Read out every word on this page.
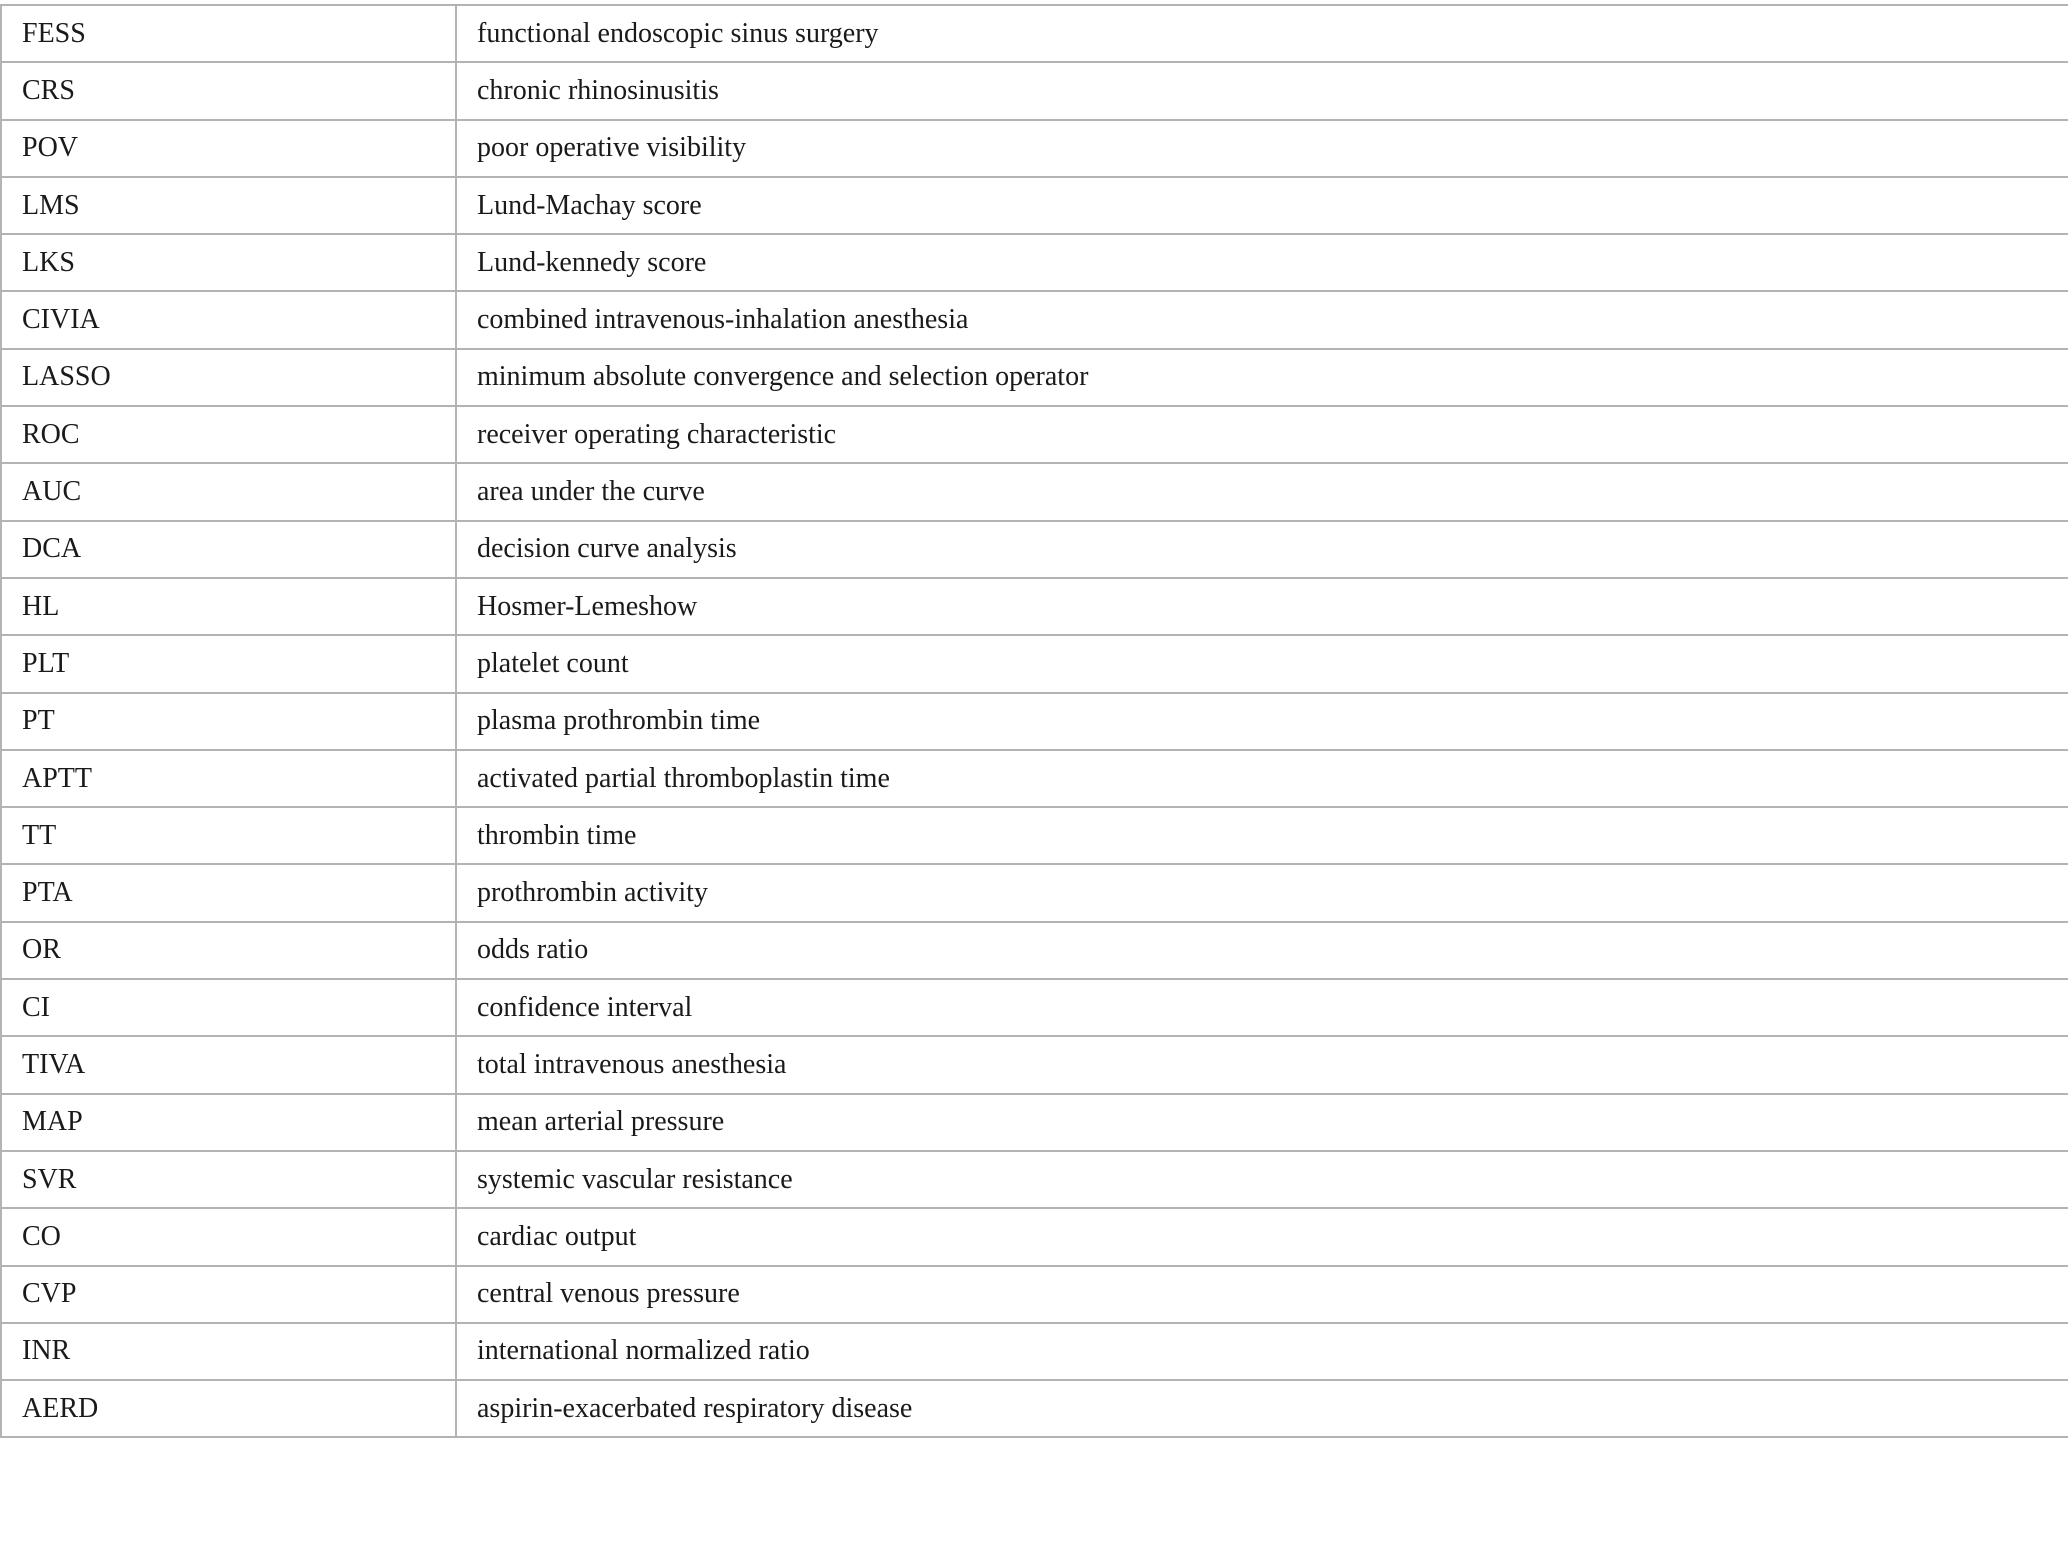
FESS	functional endoscopic sinus surgery
CRS	chronic rhinosinusitis
POV	poor operative visibility
LMS	Lund-Machay score
LKS	Lund-kennedy score
CIVIA	combined intravenous-inhalation anesthesia
LASSO	minimum absolute convergence and selection operator
ROC	receiver operating characteristic
AUC	area under the curve
DCA	decision curve analysis
HL	Hosmer-Lemeshow
PLT	platelet count
PT	plasma prothrombin time
APTT	activated partial thromboplastin time
TT	thrombin time
PTA	prothrombin activity
OR	odds ratio
CI	confidence interval
TIVA	total intravenous anesthesia
MAP	mean arterial pressure
SVR	systemic vascular resistance
CO	cardiac output
CVP	central venous pressure
INR	international normalized ratio
AERD	aspirin-exacerbated respiratory disease
